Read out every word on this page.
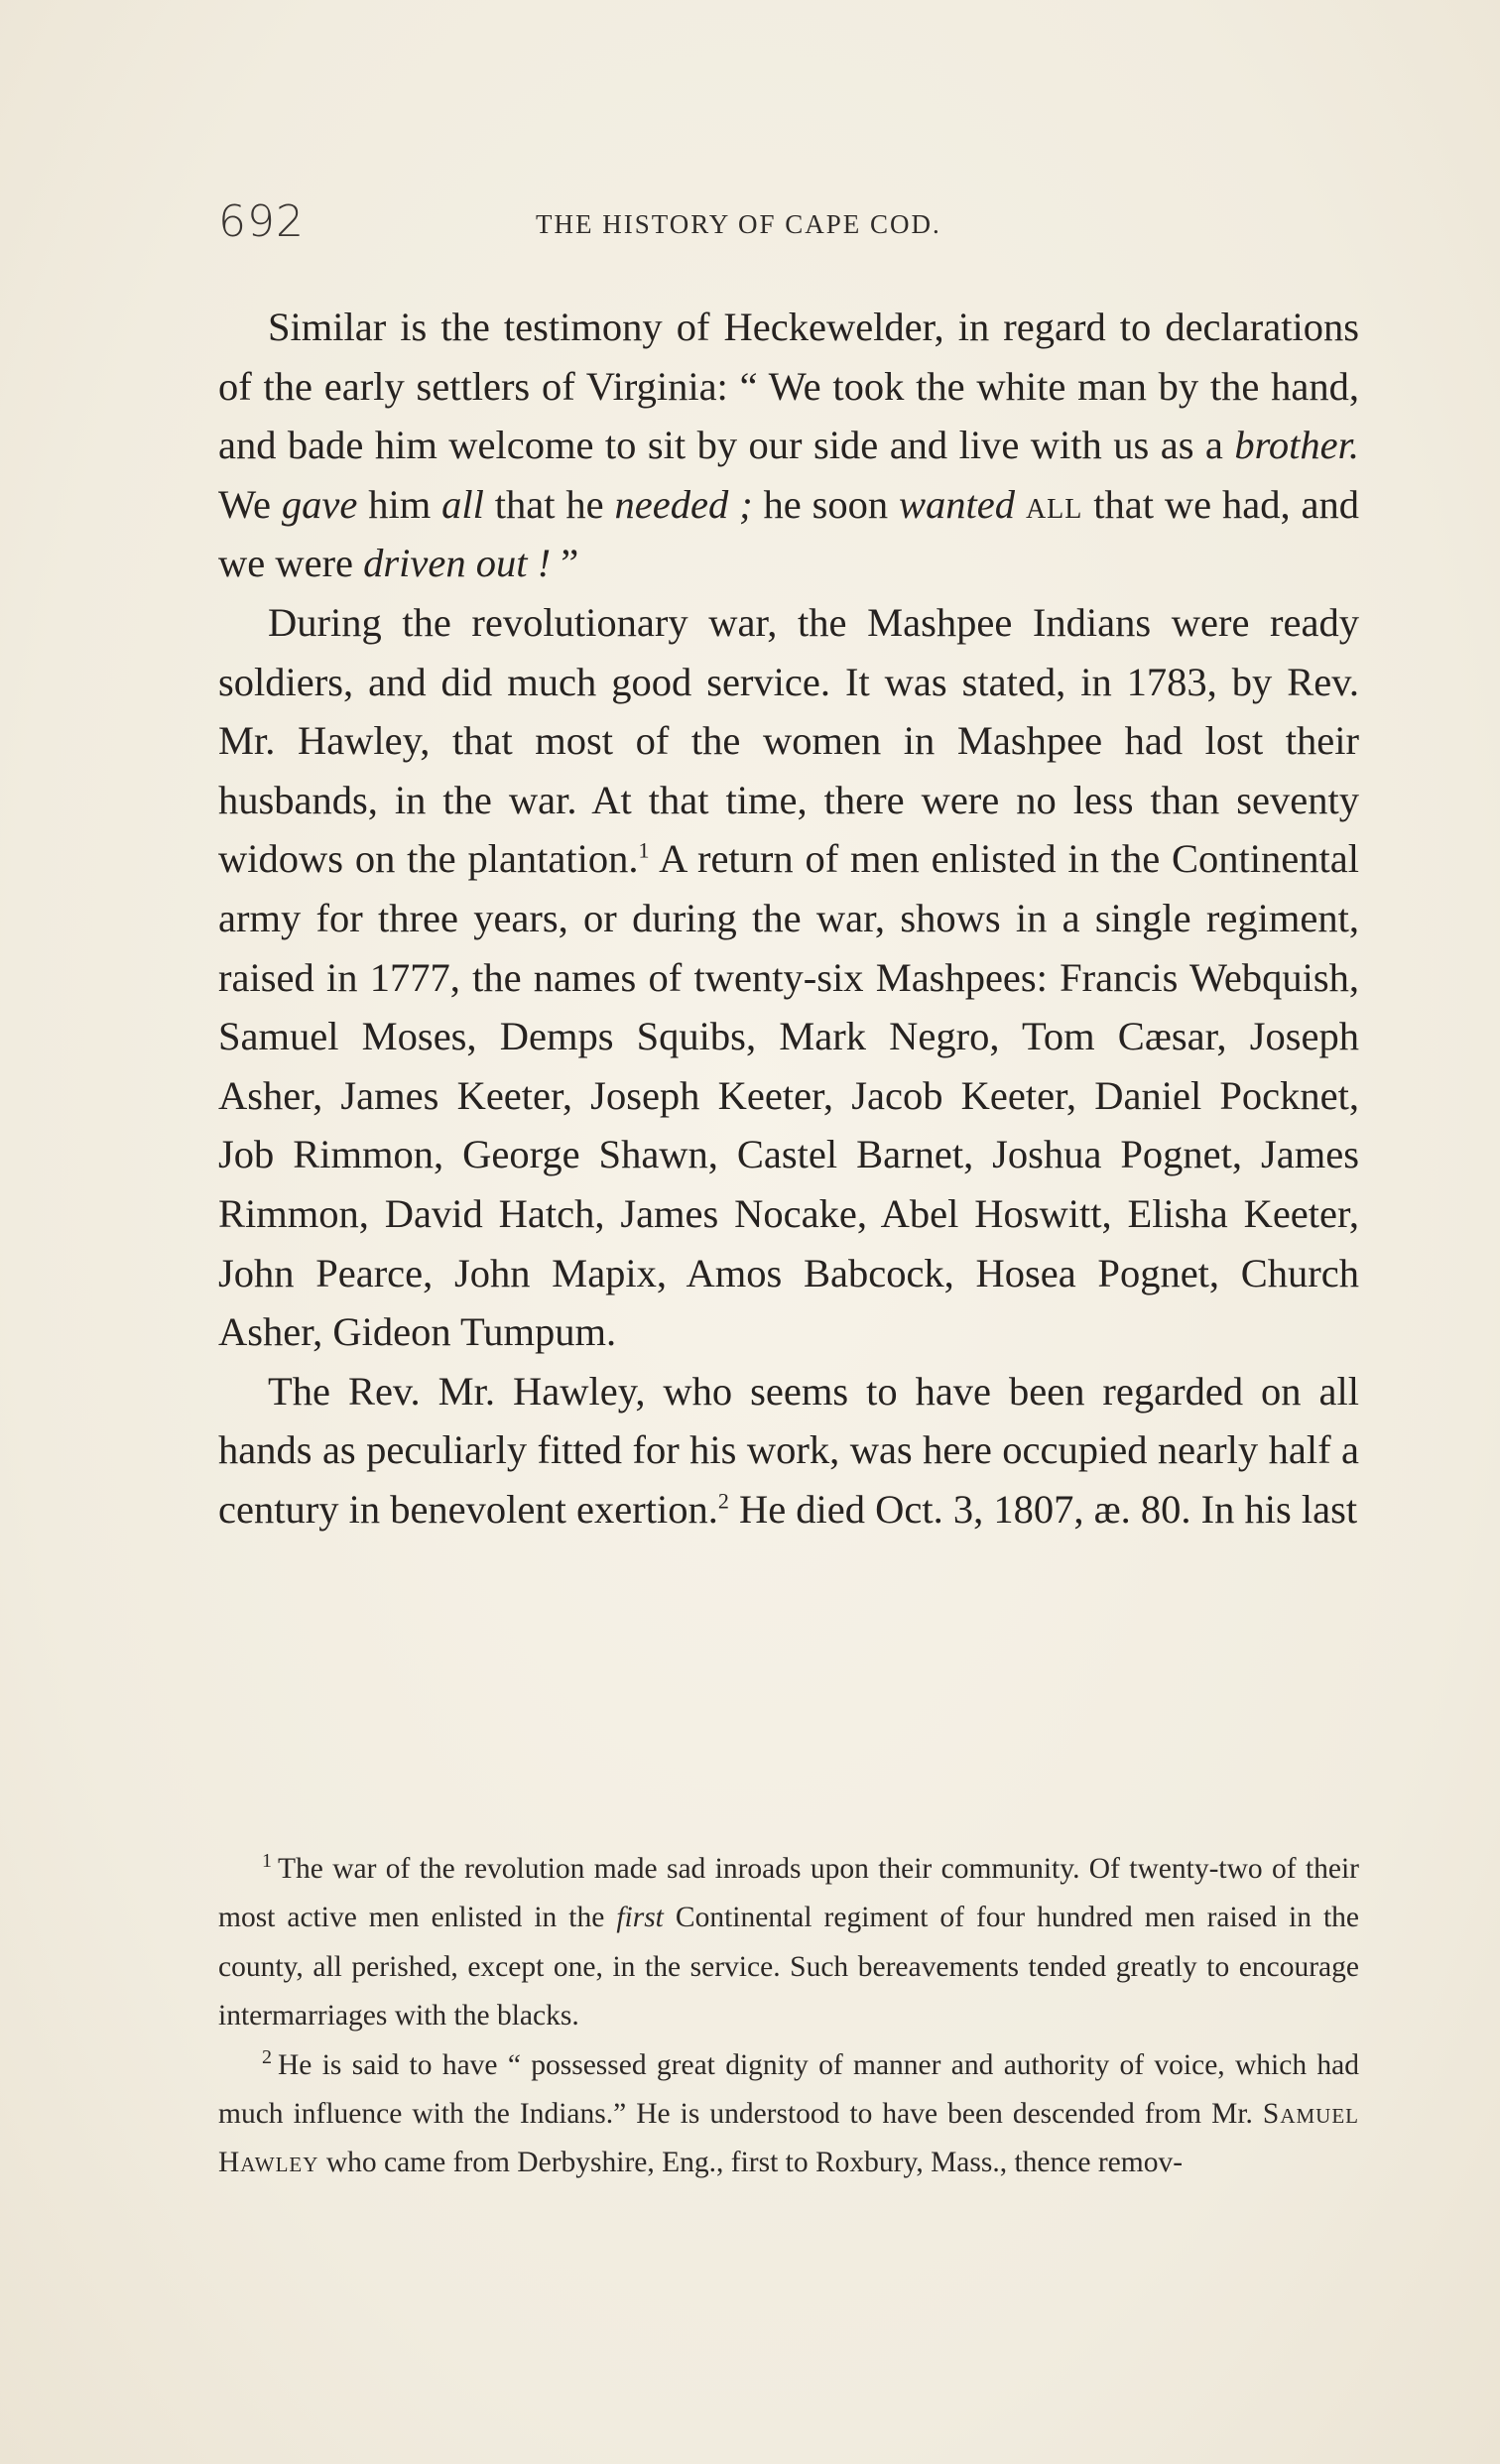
692	THE HISTORY OF CAPE COD.

Similar is the testimony of Heckewelder, in regard to declarations of the early settlers of Virginia: “ We took the white man by the hand, and bade him welcome to sit by our side and live with us as a brother. We gave him all that he needed ; he soon wanted all that we had, and we were driven out ! ”

During the revolutionary war, the Mashpee Indians were ready soldiers, and did much good service. It was stated, in 1783, by Rev. Mr. Hawley, that most of the women in Mashpee had lost their husbands, in the war. At that time, there were no less than seventy widows on the plantation.$^1$ A return of men enlisted in the Continental army for three years, or during the war, shows in a single regiment, raised in 1777, the names of twenty-six Mashpees: Francis Webquish, Samuel Moses, Demps Squibs, Mark Negro, Tom Cæsar, Joseph Asher, James Keeter, Joseph Keeter, Jacob Keeter, Daniel Pocknet, Job Rimmon, George Shawn, Castel Barnet, Joshua Pognet, James Rimmon, David Hatch, James Nocake, Abel Hoswitt, Elisha Keeter, John Pearce, John Mapix, Amos Babcock, Hosea Pognet, Church Asher, Gideon Tumpum.

The Rev. Mr. Hawley, who seems to have been regarded on all hands as peculiarly fitted for his work, was here occupied nearly half a century in benevolent exertion.$^2$ He died Oct. 3, 1807, æ. 80. In his last

$^1$ The war of the revolution made sad inroads upon their community. Of twenty-two of their most active men enlisted in the first Continental regiment of four hundred men raised in the county, all perished, except one, in the service. Such bereavements tended greatly to encourage intermarriages with the blacks.

$^2$ He is said to have “ possessed great dignity of manner and authority of voice, which had much influence with the Indians.” He is understood to have been descended from Mr. Samuel Hawley who came from Derbyshire, Eng., first to Roxbury, Mass., thence remov-
